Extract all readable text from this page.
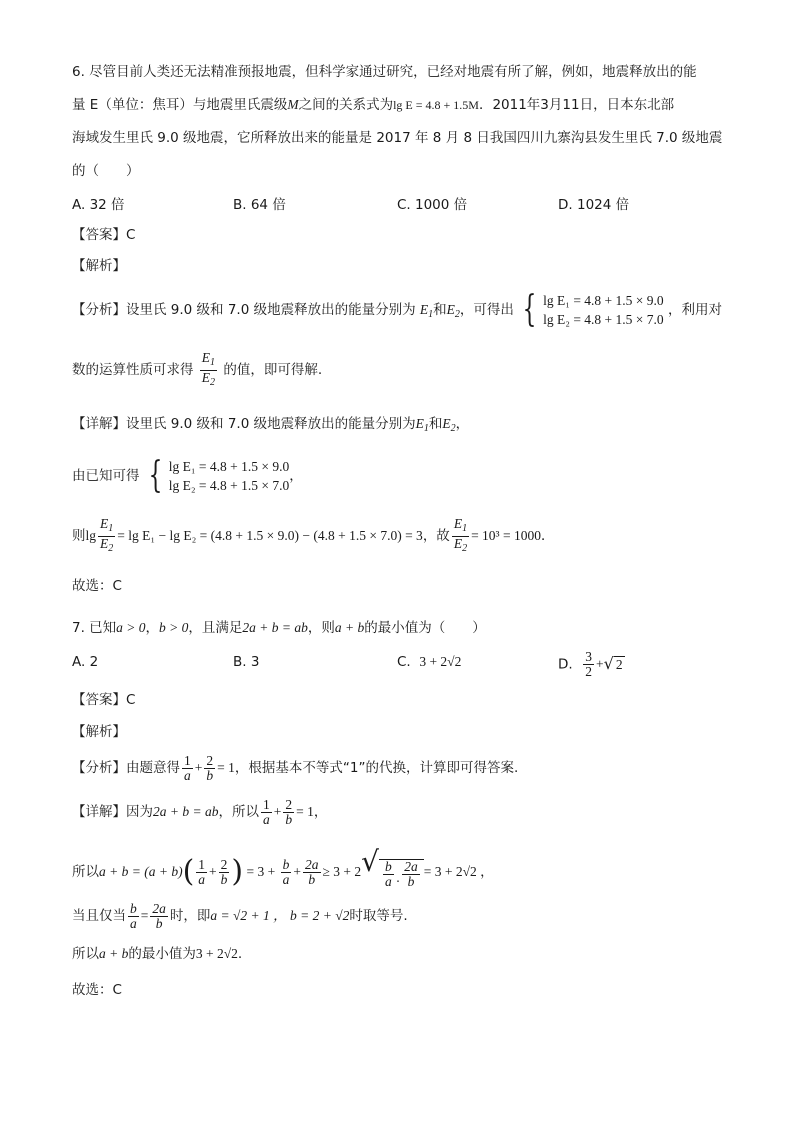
6. 尽管目前人类还无法精准预报地震，但科学家通过研究，已经对地震有所了解，例如，地震释放出的能
量 E（单位：焦耳）与地震里氏震级M之间的关系式为lg E = 4.8 + 1.5M．2011年3月11日，日本东北部
海域发生里氏 9.0 级地震，它所释放出来的能量是 2017 年 8 月 8 日我国四川九寨沟县发生里氏 7.0 级地震
的（　　）
A. 32 倍	B. 64 倍	C. 1000 倍	D. 1024 倍
【答案】C
【解析】
【分析】设里氏 9.0 级和 7.0 级地震释放出的能量分别为 $E_1$和$E_2$，可得出 { lg E₁ = 4.8 + 1.5 × 9.0
lg E₂ = 4.8 + 1.5 × 7.0
，利用对
数的运算性质可求得 $\frac{E_1}{E_2}$ 的值，即可得解.
【详解】设里氏 9.0 级和 7.0 级地震释放出的能量分别为$E_1$和$E_2$，
由已知可得 { lg E₁ = 4.8 + 1.5 × 9.0
lg E₂ = 4.8 + 1.5 × 7.0
，
则$\lg \frac{E_1}{E_2} = \lg E_1 - \lg E_2 = (4.8 + 1.5 \times 9.0) - (4.8 + 1.5 \times 7.0) = 3$，故 $\frac{E_1}{E_2} = 10^3 = 1000$．
故选：C
7. 已知a > 0，b > 0，且满足2a + b = ab，则a + b的最小值为（　　）
A. 2	B. 3	C. 3 + 2√2	D. $\frac{3}{2}$ +√ 2
【答案】C
【解析】
【分析】由题意得 $\frac{1}{a} + \frac{2}{b} = 1$，根据基本不等式“1”的代换，计算即可得答案.
【详解】因为2a + b = ab，所以 $\frac{1}{a} + \frac{2}{b} = 1$，
所以$a + b = (a + b)( \frac{1}{a} + \frac{2}{b}$ ) = $3 + \frac{b}{a} + \frac{2a}{b} \ge 3 + 2√ \frac{b}{a} \cdot \frac{2a}{b} = 3 + 2√2$ ，
当且仅当 $\frac{b}{a} = \frac{2a}{b}$ 时，即a = √2 + 1 ， b = 2 + √2时取等号.
所以a + b的最小值为3 + 2√2.
故选：C
